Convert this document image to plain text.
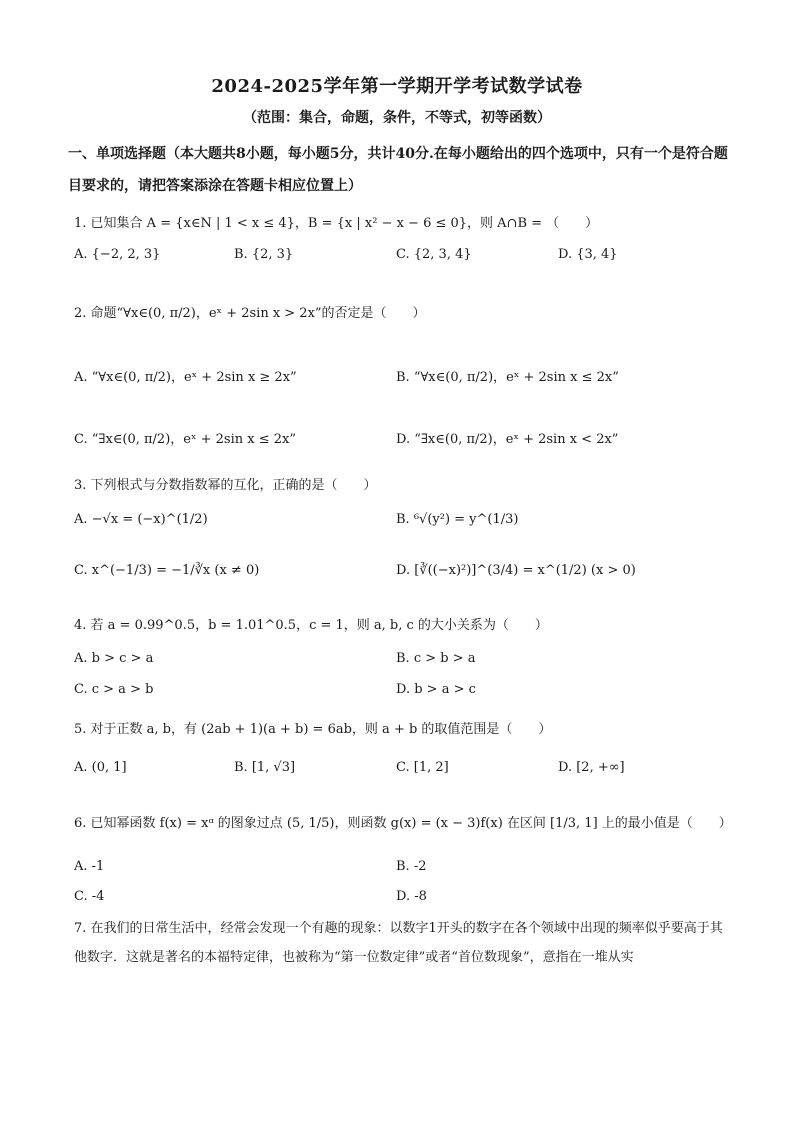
2024-2025学年第一学期开学考试数学试卷
（范围：集合，命题，条件，不等式，初等函数）
一、单项选择题（本大题共8小题，每小题5分，共计40分.在每小题给出的四个选项中，只有一个是符合题目要求的，请把答案添涂在答题卡相应位置上）
1. 已知集合 A = {x∈N | 1 < x ≤ 4}，B = {x | x² − x − 6 ≤ 0}，则 A∩B = （　　）
A. {−2, 2, 3}	B. {2, 3}	C. {2, 3, 4}	D. {3, 4}
2. 命题“∀x∈(0, π/2)，eˣ + 2sin x > 2x”的否定是（　　）
A. “∀x∈(0, π/2)，eˣ + 2sin x ≥ 2x”	B. “∀x∈(0, π/2)，eˣ + 2sin x ≤ 2x”
C. “∃x∈(0, π/2)，eˣ + 2sin x ≤ 2x”	D. “∃x∈(0, π/2)，eˣ + 2sin x < 2x”
3. 下列根式与分数指数幂的互化，正确的是（　　）
A. −√x = (−x)^(1/2)	B. ⁶√(y²) = y^(1/3)
C. x^(−1/3) = −1/∛x (x ≠ 0)	D. [∛((−x)²)]^(3/4) = x^(1/2) (x > 0)
4. 若 a = 0.99^0.5，b = 1.01^0.5，c = 1，则 a, b, c 的大小关系为（　　）
A. b > c > a	B. c > b > a
C. c > a > b	D. b > a > c
5. 对于正数 a, b，有 (2ab + 1)(a + b) = 6ab，则 a + b 的取值范围是（　　）
A. (0, 1]	B. [1, √3]	C. [1, 2]	D. [2, +∞]
6. 已知幂函数 f(x) = xᵅ 的图象过点 (5, 1/5)，则函数 g(x) = (x − 3)f(x) 在区间 [1/3, 1] 上的最小值是（　　）
A. -1	B. -2
C. -4	D. -8
7. 在我们的日常生活中，经常会发现一个有趣的现象：以数字1开头的数字在各个领域中出现的频率似乎要高于其他数字．这就是著名的本福特定律，也被称为“第一位数定律”或者“首位数现象”，意指在一堆从实
